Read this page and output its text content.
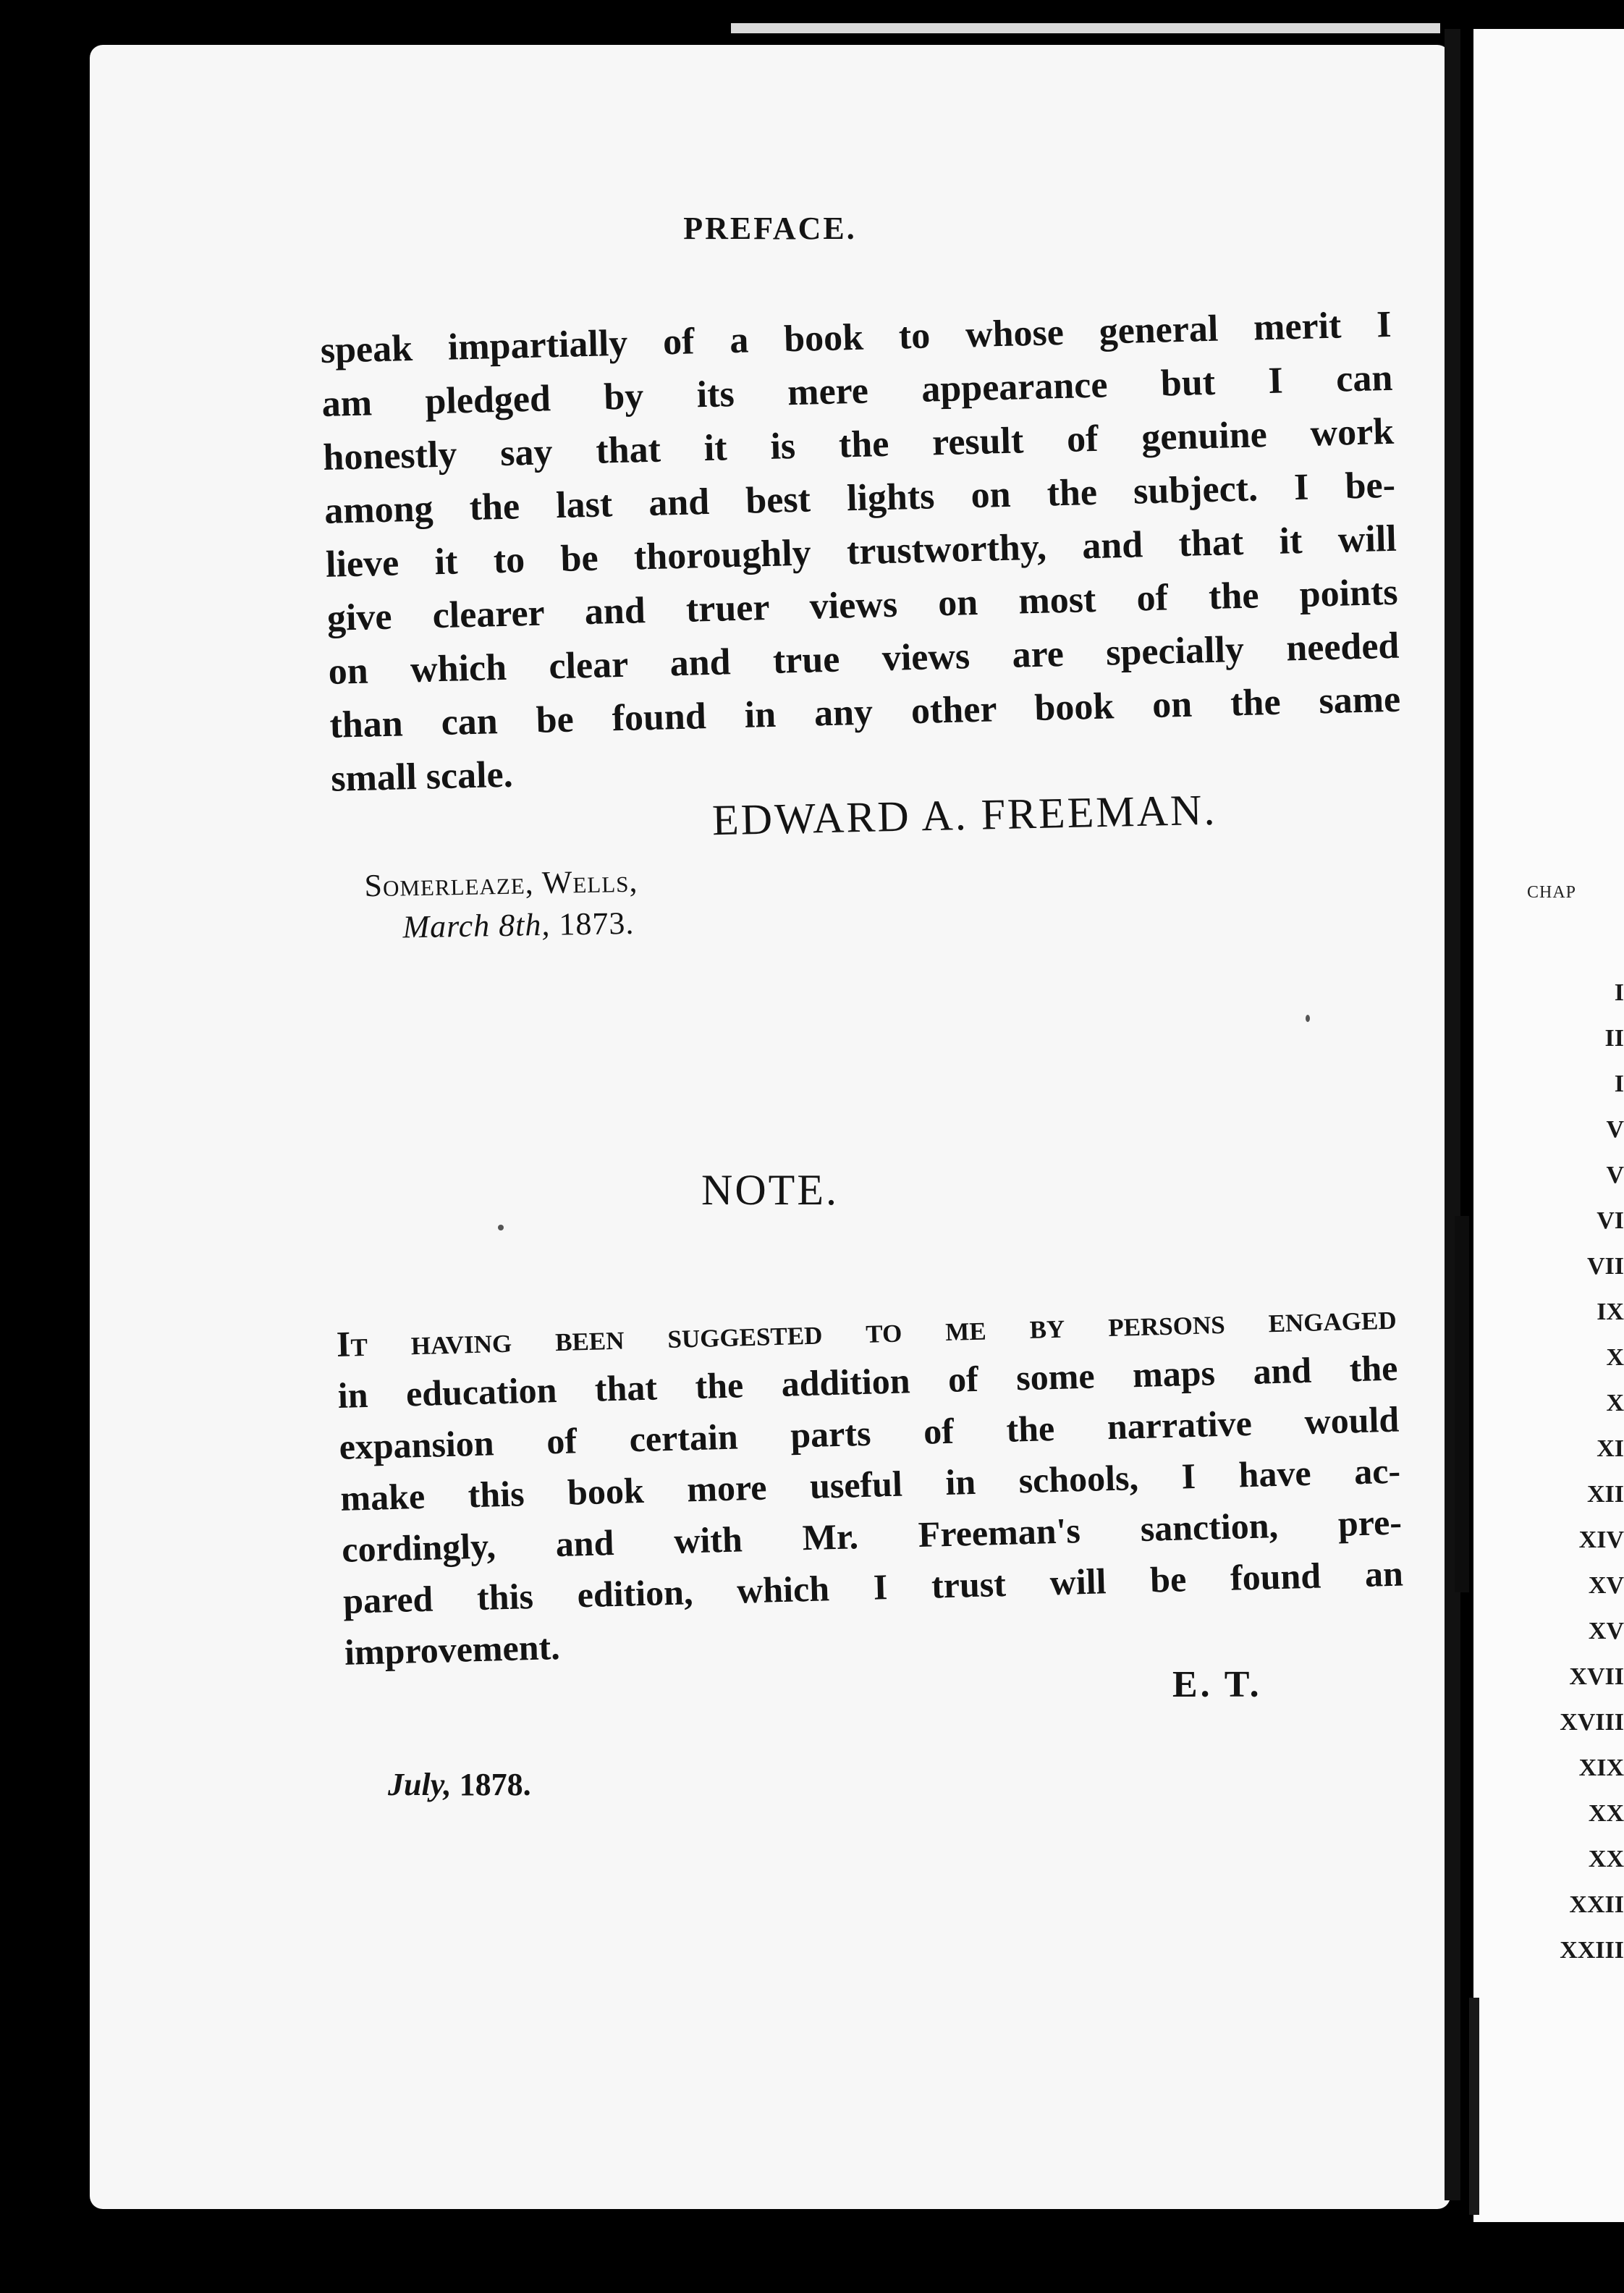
PREFACE.
speak impartially of a book to whose general merit I
am pledged by its mere appearance but I can
honestly say that it is the result of genuine work
among the last and best lights on the subject. I be-
lieve it to be thoroughly trustworthy, and that it will
give clearer and truer views on most of the points
on which clear and true views are specially needed
than can be found in any other book on the same
small scale.
EDWARD A. FREEMAN.
Somerleaze, Wells,
March 8th, 1873.
NOTE.
It having been suggested to me by persons engaged
in education that the addition of some maps and the
expansion of certain parts of the narrative would
make this book more useful in schools, I have ac-
cordingly, and with Mr. Freeman's sanction, pre-
pared this edition, which I trust will be found an
improvement.
E. T.
July, 1878.
CHAP
I
II
I
V
V
VI
VII
IX
X
X
XI
XII
XIV
XV
XV
XVII
XVIII
XIX
XX
XX
XXII
XXIII
